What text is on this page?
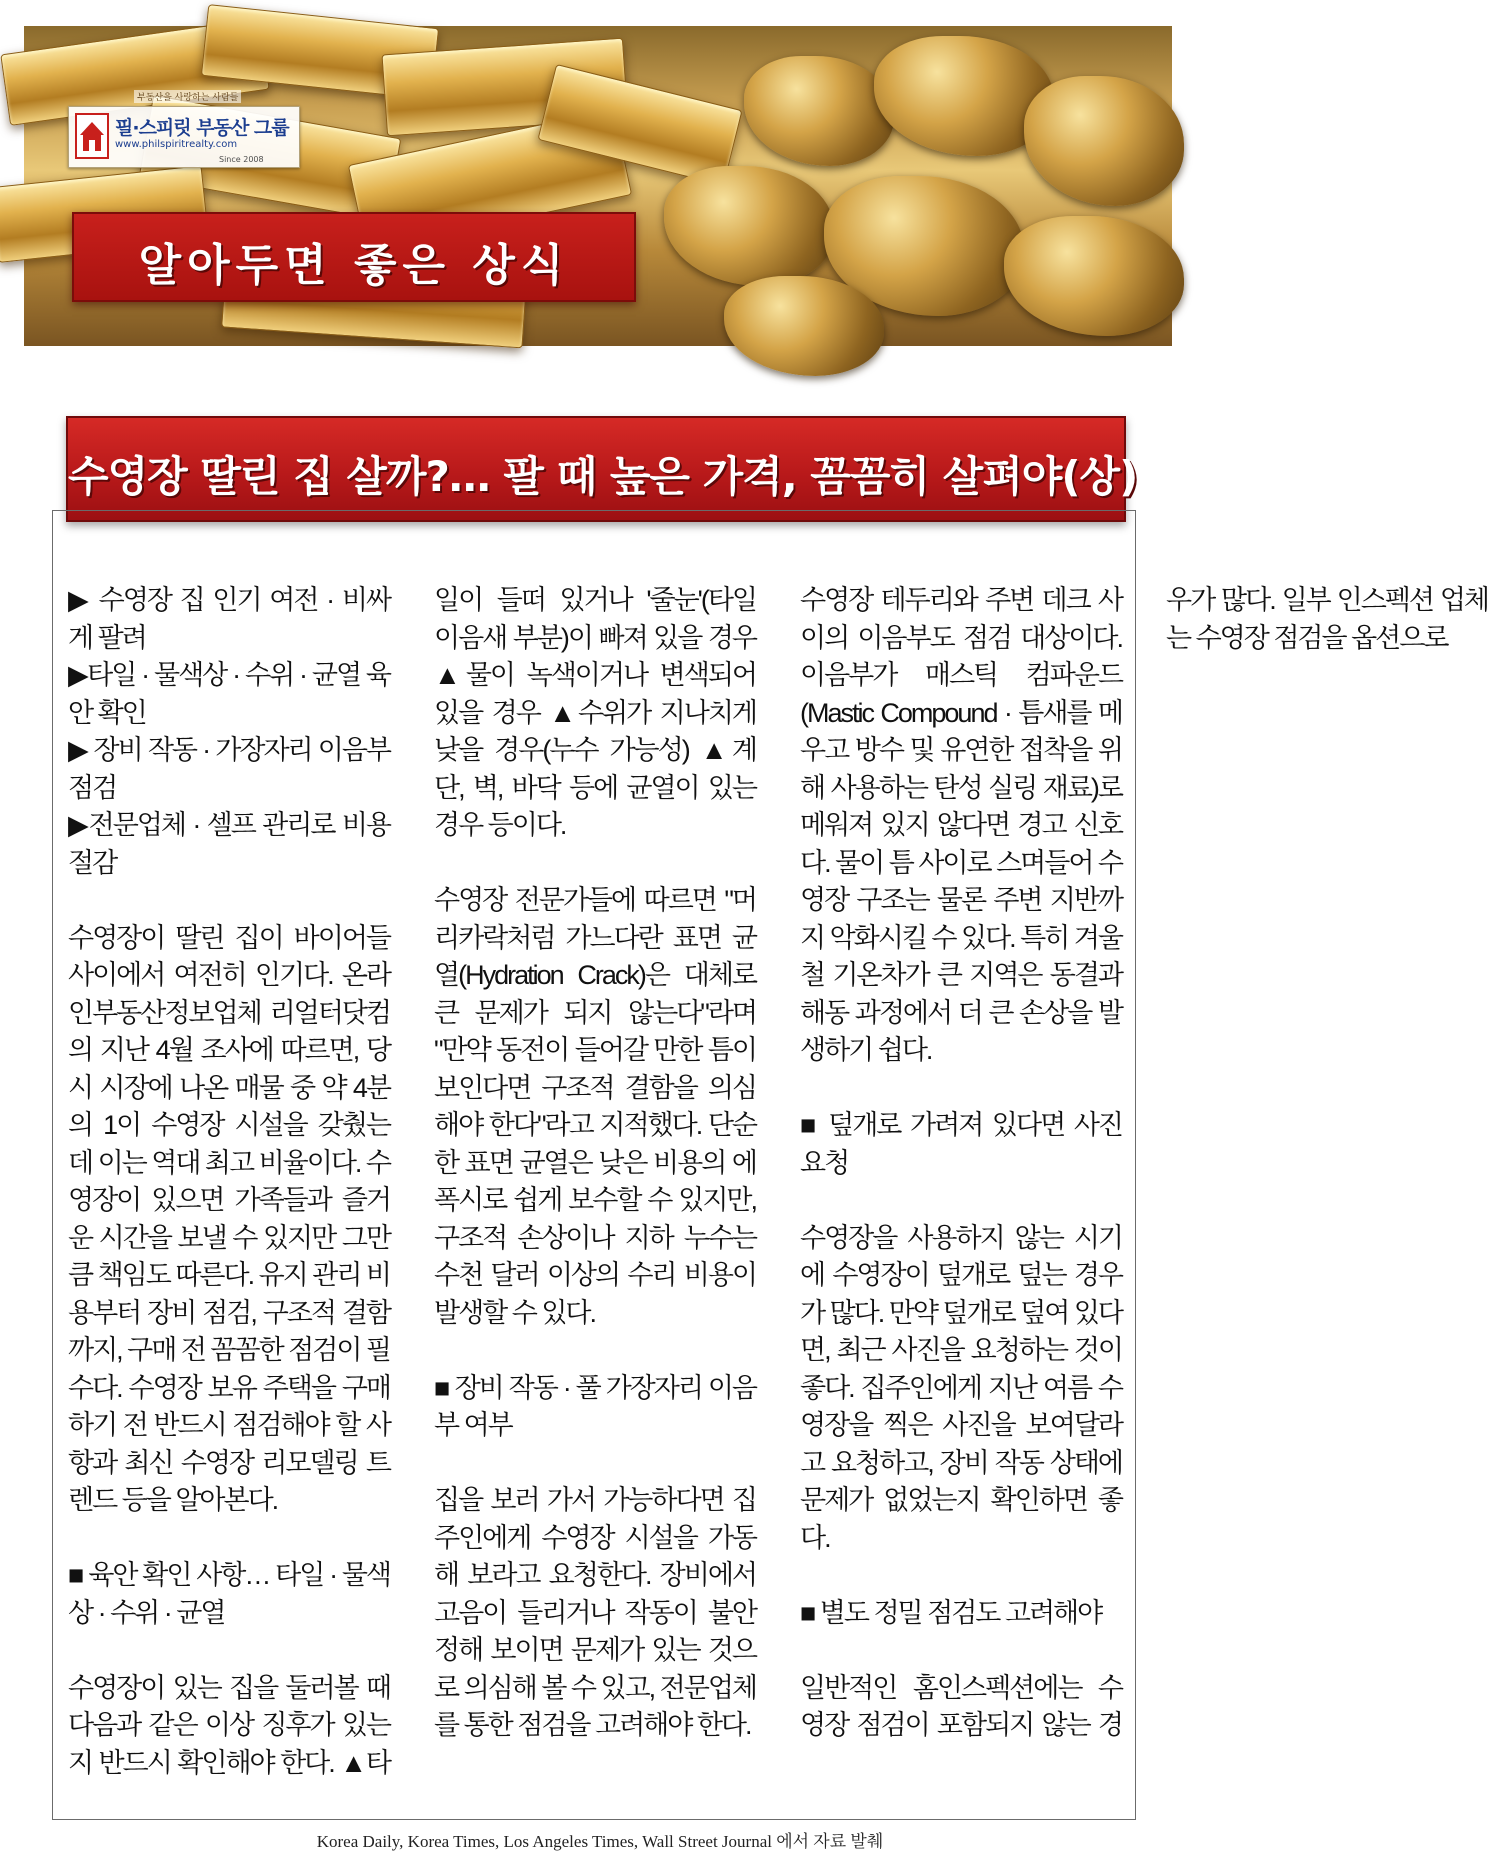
부동산을 사랑하는 사람들
필·스피릿 부동산 그룹
www.philspiritrealty.com
Since 2008
알아두면 좋은 상식
수영장 딸린 집 살까?… 팔 때 높은 가격, 꼼꼼히 살펴야(상)

▶ 수영장 집 인기 여전 · 비싸게 팔려

▶타일 · 물색상 · 수위 · 균열 육안 확인

▶ 장비 작동 · 가장자리 이음부 점검

▶전문업체 · 셀프 관리로 비용 절감

수영장이 딸린 집이 바이어들 사이에서 여전히 인기다. 온라인부동산정보업체 리얼터닷컴의 지난 4월 조사에 따르면, 당시 시장에 나온 매물 중 약 4분의 1이 수영장 시설을 갖췄는데 이는 역대 최고 비율이다. 수영장이 있으면 가족들과 즐거운 시간을 보낼 수 있지만 그만큼 책임도 따른다. 유지 관리 비용부터 장비 점검, 구조적 결함까지, 구매 전 꼼꼼한 점검이 필수다. 수영장 보유 주택을 구매하기 전 반드시 점검해야 할 사항과 최신 수영장 리모델링 트렌드 등을 알아본다.

■ 육안 확인 사항… 타일 · 물색상 · 수위 · 균열

수영장이 있는 집을 둘러볼 때 다음과 같은 이상 징후가 있는지 반드시 확인해야 한다. ▲타일이 들떠 있거나 '줄눈'(타일 이음새 부분)이 빠져 있을 경우 ▲물이 녹색이거나 변색되어 있을 경우 ▲수위가 지나치게 낮을 경우(누수 가능성) ▲계단, 벽, 바닥 등에 균열이 있는 경우 등이다.

수영장 전문가들에 따르면 "머리카락처럼 가느다란 표면 균열(Hydration Crack)은 대체로 큰 문제가 되지 않는다"라며 "만약 동전이 들어갈 만한 틈이 보인다면 구조적 결함을 의심해야 한다"라고 지적했다. 단순한 표면 균열은 낮은 비용의 에폭시로 쉽게 보수할 수 있지만, 구조적 손상이나 지하 누수는 수천 달러 이상의 수리 비용이 발생할 수 있다.

■ 장비 작동 · 풀 가장자리 이음부 여부

집을 보러 가서 가능하다면 집주인에게 수영장 시설을 가동해 보라고 요청한다. 장비에서 고음이 들리거나 작동이 불안정해 보이면 문제가 있는 것으로 의심해 볼 수 있고, 전문업체를 통한 점검을 고려해야 한다.

수영장 테두리와 주변 데크 사이의 이음부도 점검 대상이다. 이음부가 매스틱 컴파운드(Mastic Compound · 틈새를 메우고 방수 및 유연한 접착을 위해 사용하는 탄성 실링 재료)로 메워져 있지 않다면 경고 신호다. 물이 틈 사이로 스며들어 수영장 구조는 물론 주변 지반까지 악화시킬 수 있다. 특히 겨울철 기온차가 큰 지역은 동결과 해동 과정에서 더 큰 손상을 발생하기 쉽다.

■ 덮개로 가려져 있다면 사진 요청

수영장을 사용하지 않는 시기에 수영장이 덮개로 덮는 경우가 많다. 만약 덮개로 덮여 있다면, 최근 사진을 요청하는 것이 좋다. 집주인에게 지난 여름 수영장을 찍은 사진을 보여달라고 요청하고, 장비 작동 상태에 문제가 없었는지 확인하면 좋다.

■ 별도 정밀 점검도 고려해야

일반적인 홈인스펙션에는 수영장 점검이 포함되지 않는 경우가 많다. 일부 인스펙션 업체는 수영장 점검을 옵션으로

Korea Daily, Korea Times, Los Angeles Times, Wall Street Journal 에서 자료 발췌
